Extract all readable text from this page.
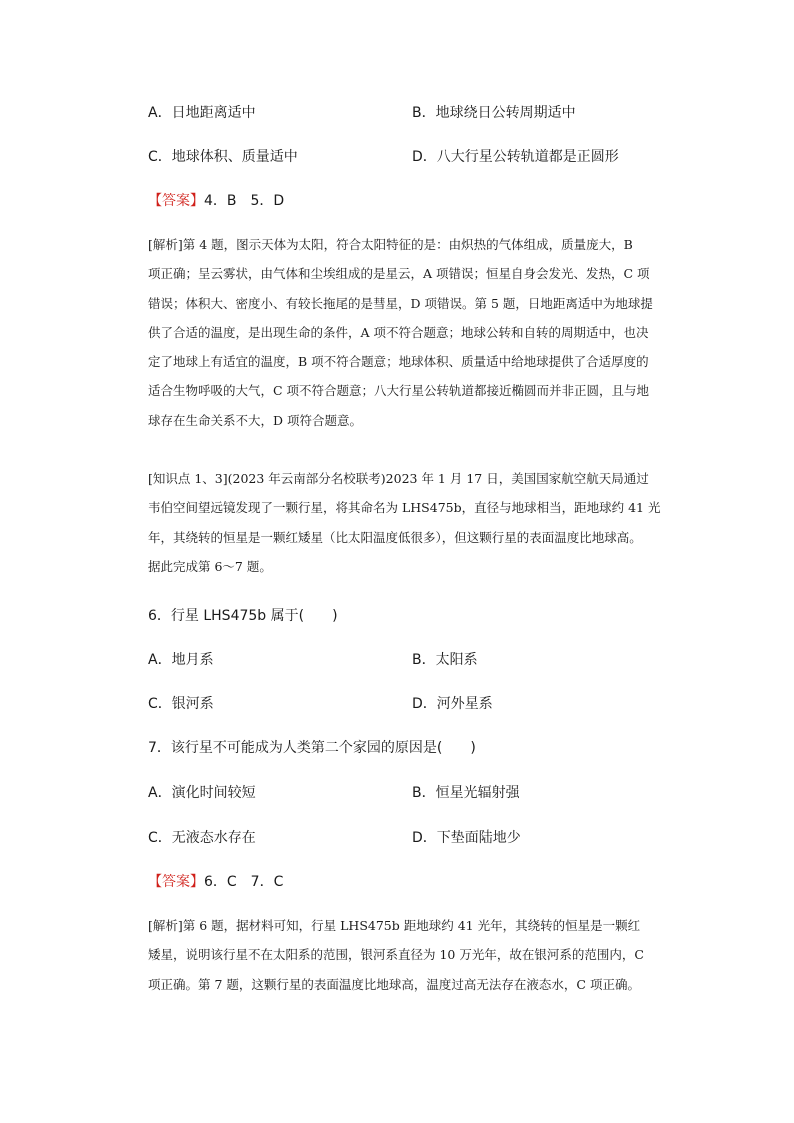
A．日地距离适中	B．地球绕日公转周期适中
C．地球体积、质量适中	D．八大行星公转轨道都是正圆形
【答案】4．B　5．D
[解析]第 4 题，图示天体为太阳，符合太阳特征的是：由炽热的气体组成，质量庞大，B
项正确；呈云雾状，由气体和尘埃组成的是星云，A 项错误；恒星自身会发光、发热，C 项
错误；体积大、密度小、有较长拖尾的是彗星，D 项错误。第 5 题，日地距离适中为地球提
供了合适的温度，是出现生命的条件，A 项不符合题意；地球公转和自转的周期适中，也决
定了地球上有适宜的温度，B 项不符合题意；地球体积、质量适中给地球提供了合适厚度的
适合生物呼吸的大气，C 项不符合题意；八大行星公转轨道都接近椭圆而并非正圆，且与地
球存在生命关系不大，D 项符合题意。
[知识点 1、3](2023 年云南部分名校联考)2023 年 1 月 17 日，美国国家航空航天局通过
韦伯空间望远镜发现了一颗行星，将其命名为 LHS475b，直径与地球相当，距地球约 41 光
年，其绕转的恒星是一颗红矮星（比太阳温度低很多），但这颗行星的表面温度比地球高。
据此完成第 6～7 题。
6．行星 LHS475b 属于(　　)
A．地月系	B．太阳系
C．银河系	D．河外星系
7．该行星不可能成为人类第二个家园的原因是(　　)
A．演化时间较短	B．恒星光辐射强
C．无液态水存在	D．下垫面陆地少
【答案】6．C　7．C
[解析]第 6 题，据材料可知，行星 LHS475b 距地球约 41 光年，其绕转的恒星是一颗红
矮星，说明该行星不在太阳系的范围，银河系直径为 10 万光年，故在银河系的范围内，C
项正确。第 7 题，这颗行星的表面温度比地球高，温度过高无法存在液态水，C 项正确。
